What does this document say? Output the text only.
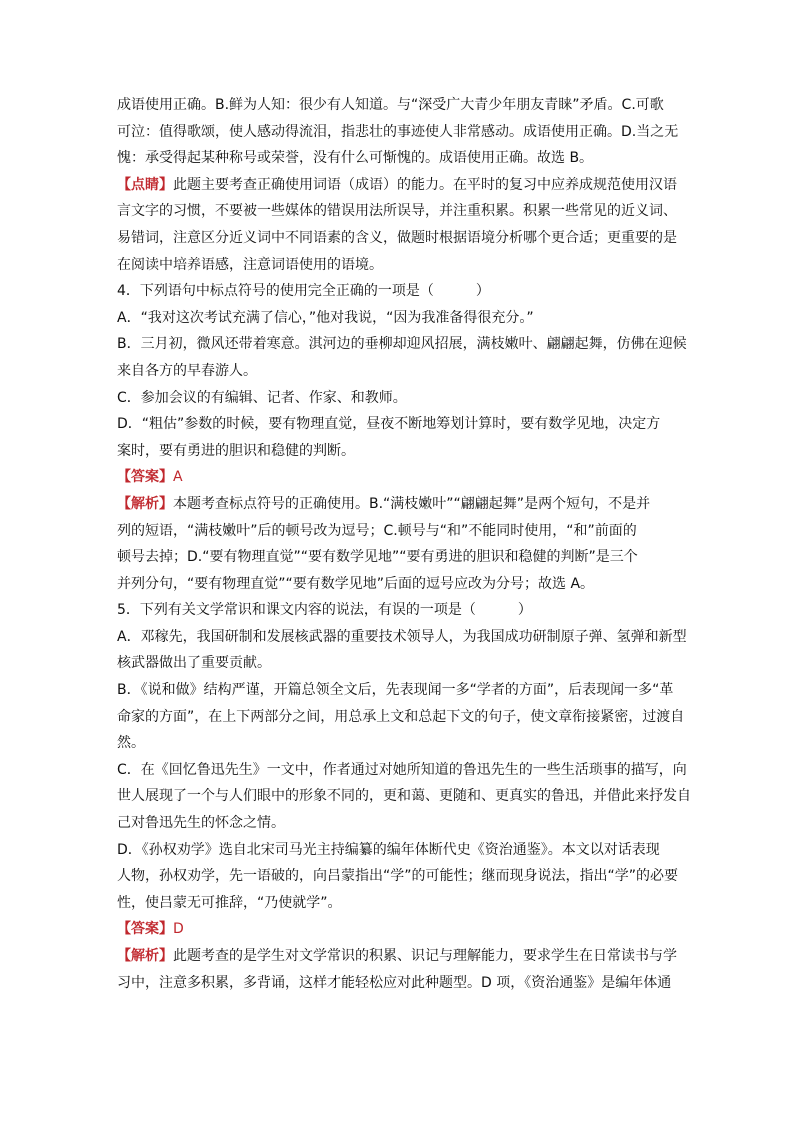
成语使用正确。B.鲜为人知：很少有人知道。与“深受广大青少年朋友青睐”矛盾。C.可歌
可泣：值得歌颂，使人感动得流泪，指悲壮的事迹使人非常感动。成语使用正确。D.当之无
愧：承受得起某种称号或荣誉，没有什么可惭愧的。成语使用正确。故选 B。
【点睛】此题主要考查正确使用词语（成语）的能力。在平时的复习中应养成规范使用汉语
言文字的习惯，不要被一些媒体的错误用法所误导，并注重积累。积累一些常见的近义词、
易错词，注意区分近义词中不同语素的含义，做题时根据语境分析哪个更合适；更重要的是
在阅读中培养语感，注意词语使用的语境。
4．下列语句中标点符号的使用完全正确的一项是（　　　）
A．“我对这次考试充满了信心，”他对我说，“因为我准备得很充分。”
B．三月初，微风还带着寒意。淇河边的垂柳却迎风招展，满枝嫩叶、翩翩起舞，仿佛在迎候
来自各方的早春游人。
C．参加会议的有编辑、记者、作家、和教师。
D．“粗估”参数的时候，要有物理直觉，昼夜不断地筹划计算时，要有数学见地，决定方
案时，要有勇进的胆识和稳健的判断。
【答案】A
【解析】本题考查标点符号的正确使用。B.“满枝嫩叶”“翩翩起舞”是两个短句，不是并
列的短语，“满枝嫩叶”后的顿号改为逗号；C.顿号与“和”不能同时使用，“和”前面的
顿号去掉；D.“要有物理直觉”“要有数学见地”“要有勇进的胆识和稳健的判断”是三个
并列分句，“要有物理直觉”“要有数学见地”后面的逗号应改为分号；故选 A。
5．下列有关文学常识和课文内容的说法，有误的一项是（　　　）
A．邓稼先，我国研制和发展核武器的重要技术领导人，为我国成功研制原子弹、氢弹和新型
核武器做出了重要贡献。
B．《说和做》结构严谨，开篇总领全文后，先表现闻一多“学者的方面”，后表现闻一多“革
命家的方面”，在上下两部分之间，用总承上文和总起下文的句子，使文章衔接紧密，过渡自
然。
C．在《回忆鲁迅先生》一文中，作者通过对她所知道的鲁迅先生的一些生活琐事的描写，向
世人展现了一个与人们眼中的形象不同的，更和蔼、更随和、更真实的鲁迅，并借此来抒发自
己对鲁迅先生的怀念之情。
D．《孙权劝学》选自北宋司马光主持编纂的编年体断代史《资治通鉴》。本文以对话表现
人物，孙权劝学，先一语破的，向吕蒙指出“学”的可能性；继而现身说法，指出“学”的必要
性，使吕蒙无可推辞，“乃使就学”。
【答案】D
【解析】此题考查的是学生对文学常识的积累、识记与理解能力，要求学生在日常读书与学
习中，注意多积累，多背诵，这样才能轻松应对此种题型。D 项，《资治通鉴》是编年体通
